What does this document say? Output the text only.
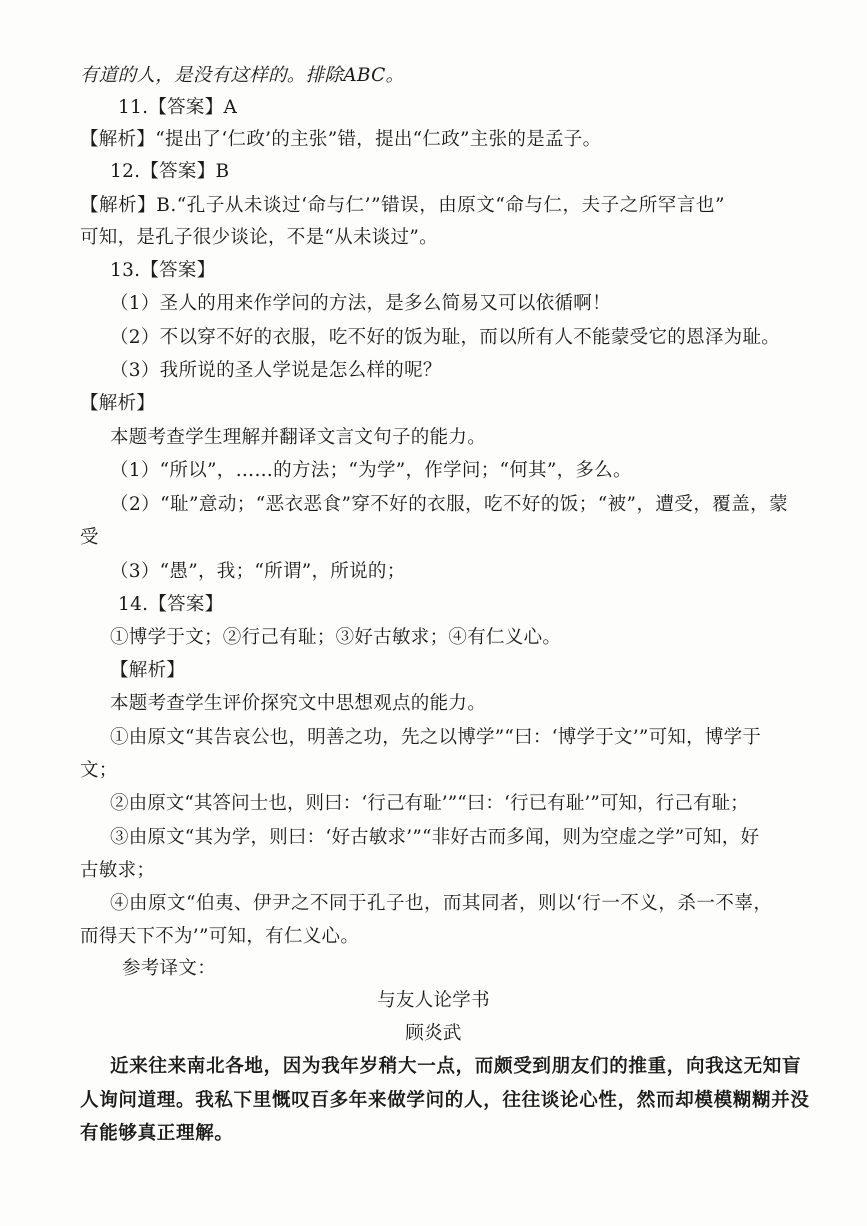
有道的人，是没有这样的。排除ABC。
11.【答案】A
【解析】“提出了‘仁政’的主张”错，提出“仁政”主张的是孟子。
12.【答案】B
【解析】B.“孔子从未谈过‘命与仁’”错误，由原文“命与仁，夫子之所罕言也”
可知，是孔子很少谈论，不是“从未谈过”。
13.【答案】
（1）圣人的用来作学问的方法，是多么简易又可以依循啊！
（2）不以穿不好的衣服，吃不好的饭为耻，而以所有人不能蒙受它的恩泽为耻。
（3）我所说的圣人学说是怎么样的呢？
【解析】
本题考查学生理解并翻译文言文句子的能力。
（1）“所以”，……的方法；“为学”，作学问；“何其”，多么。
（2）“耻”意动；“恶衣恶食”穿不好的衣服，吃不好的饭；“被”，遭受，覆盖，蒙
受
（3）“愚”，我；“所谓”，所说的；
14.【答案】
①博学于文；②行己有耻；③好古敏求；④有仁义心。
【解析】
本题考查学生评价探究文中思想观点的能力。
①由原文“其告哀公也，明善之功，先之以博学”“曰：‘博学于文’”可知，博学于
文；
②由原文“其答问士也，则曰：‘行己有耻’”“曰：‘行已有耻’”可知，行己有耻；
③由原文“其为学，则曰：‘好古敏求’”“非好古而多闻，则为空虚之学”可知，好
古敏求；
④由原文“伯夷、伊尹之不同于孔子也，而其同者，则以‘行一不义，杀一不辜，
而得天下不为’”可知，有仁义心。
参考译文：
与友人论学书
顾炎武
近来往来南北各地，因为我年岁稍大一点，而颇受到朋友们的推重，向我这无知盲
人询问道理。我私下里慨叹百多年来做学问的人，往往谈论心性，然而却模模糊糊并没
有能够真正理解。
